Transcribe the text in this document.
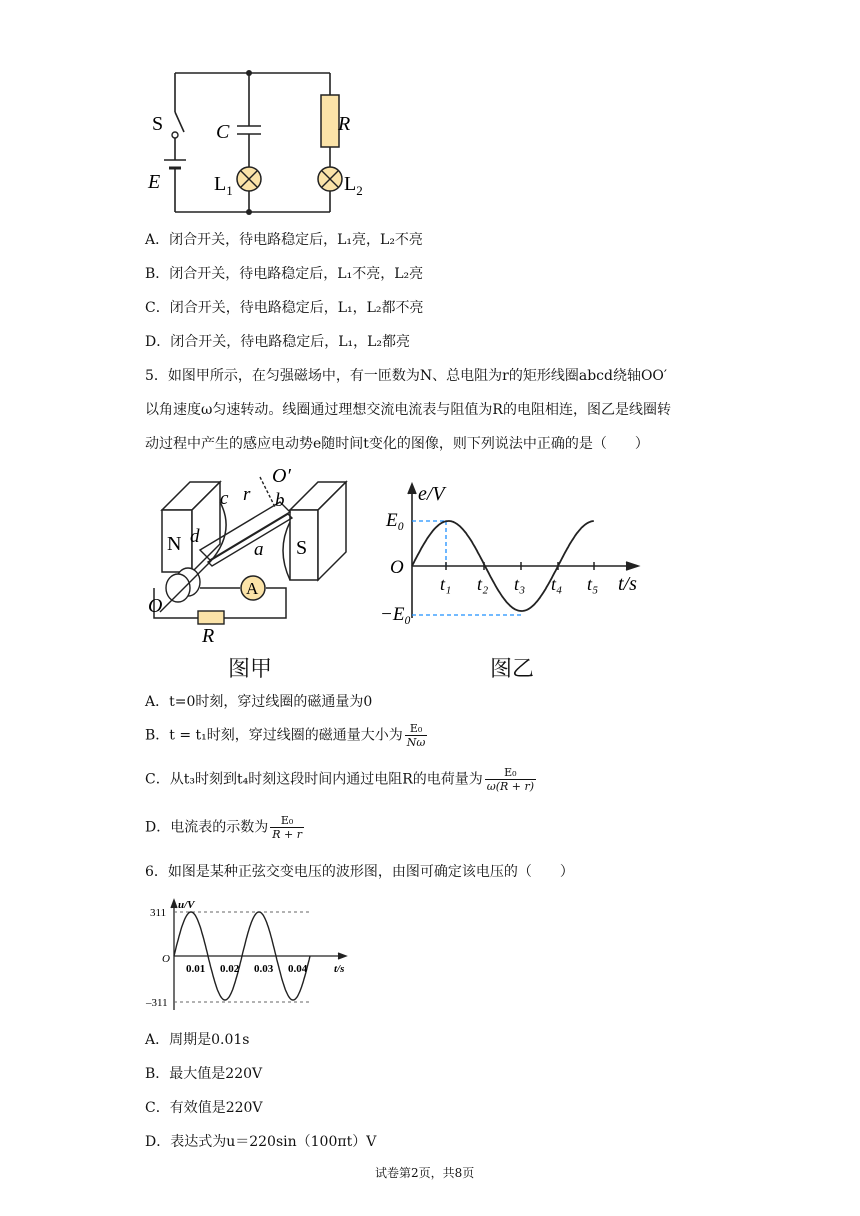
S
E
C	R
$L_1$	$L_2$
A．闭合开关，待电路稳定后，L₁亮，L₂不亮
B．闭合开关，待电路稳定后，L₁不亮，L₂亮
C．闭合开关，待电路稳定后，L₁，L₂都不亮
D．闭合开关，待电路稳定后，L₁，L₂都亮
5．如图甲所示，在匀强磁场中，有一匝数为N、总电阻为r的矩形线圈abcd绕轴OO′
以角速度ω匀速转动。线圈通过理想交流电流表与阻值为R的电阻相连，图乙是线圈转
动过程中产生的感应电动势e随时间t变化的图像，则下列说法中正确的是（　　）
A
N	S
O′
c r b
d
a
O
R
e/V
E₀
O
−E₀
t₁ t₂ t₃ t₄ t₅ t/s
图甲	图乙
A．t=0时刻，穿过线圈的磁通量为0
B．t = t₁时刻，穿过线圈的磁通量大小为 $\frac{\text{E₀}}{N\omega}$
C．从t₃时刻到t₄时刻这段时间内通过电阻R的电荷量为 $\frac{\text{E₀}}{\omega(R + r)}$
D．电流表的示数为 $\frac{\text{E₀}}{R + r}$
6．如图是某种正弦交变电压的波形图，由图可确定该电压的（　　）
0.01 0.02 0.03 0.04
u/V
311
–311
O
t/s
A．周期是0.01s
B．最大值是220V
C．有效值是220V
D．表达式为u＝220sin（100πt）V
试卷第2页，共8页
